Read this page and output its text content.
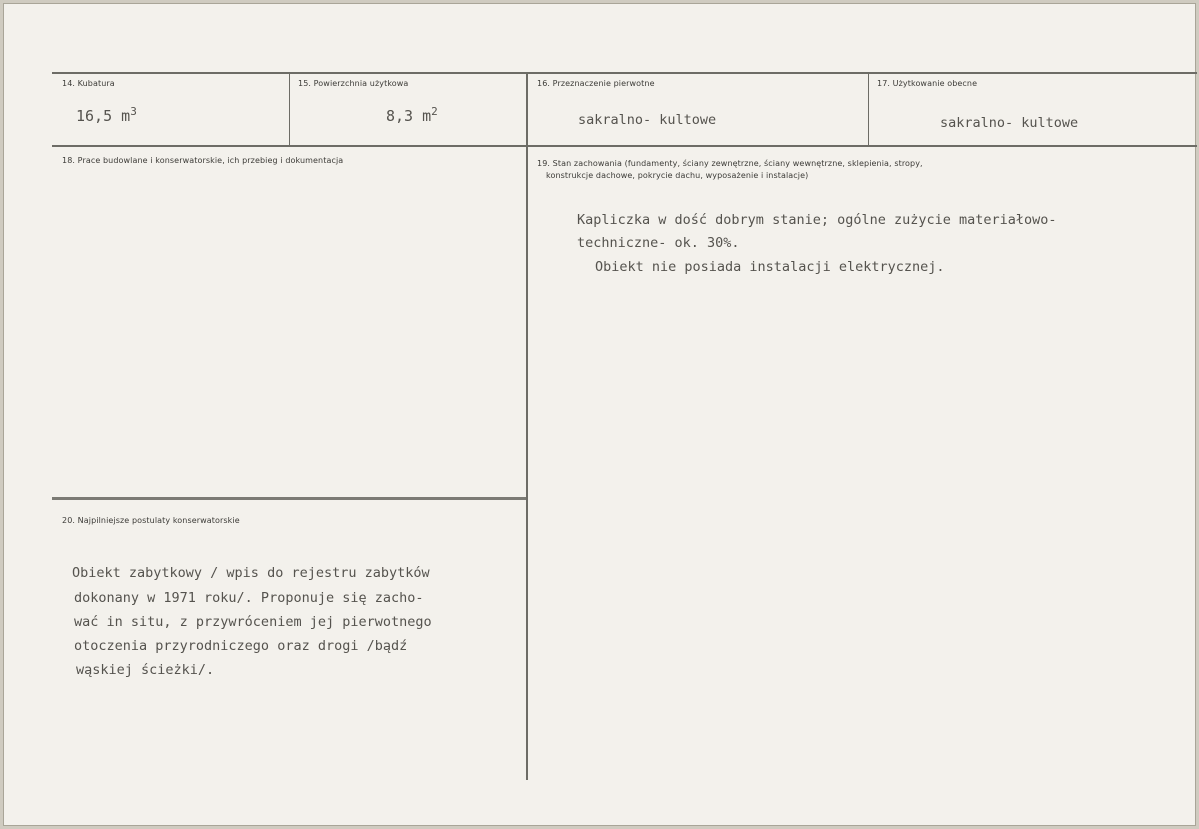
14. Kubatura
16,5 $m^3$
15. Powierzchnia użytkowa
8,3 $m^2$
16. Przeznaczenie pierwotne
sakralno- kultowe
17. Użytkowanie obecne
sakralno- kultowe
18. Prace budowlane i konserwatorskie, ich przebieg i dokumentacja	19. Stan zachowania (fundamenty, ściany zewnętrzne, ściany wewnętrzne, sklepienia, stropy,
konstrukcje dachowe, pokrycie dachu, wyposażenie i instalacje)
Kapliczka w dość dobrym stanie; ogólne zużycie materiałowo-
techniczne- ok. 30%.
Obiekt nie posiada instalacji elektrycznej.
20. Najpilniejsze postulaty konserwatorskie
Obiekt zabytkowy / wpis do rejestru zabytków
dokonany w 1971 roku/. Proponuje się zacho-
wać in situ, z przywróceniem jej pierwotnego
otoczenia przyrodniczego oraz drogi /bądź
wąskiej ścieżki/.
